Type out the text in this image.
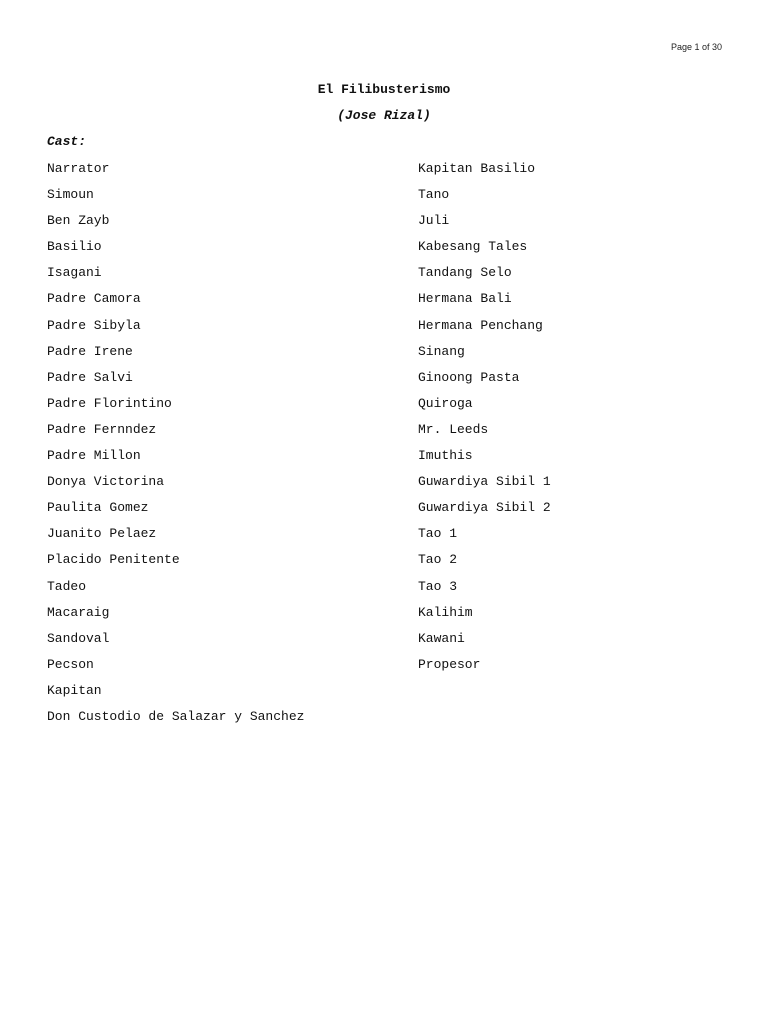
Page 1 of 30
El Filibusterismo
(Jose Rizal)
Cast:
Narrator
Simoun
Ben Zayb
Basilio
Isagani
Padre Camora
Padre Sibyla
Padre Irene
Padre Salvi
Padre Florintino
Padre Fernndez
Padre Millon
Donya Victorina
Paulita Gomez
Juanito Pelaez
Placido Penitente
Tadeo
Macaraig
Sandoval
Pecson
Kapitan
Don Custodio de Salazar y Sanchez
Kapitan Basilio
Tano
Juli
Kabesang Tales
Tandang Selo
Hermana Bali
Hermana Penchang
Sinang
Ginoong Pasta
Quiroga
Mr. Leeds
Imuthis
Guwardiya Sibil 1
Guwardiya Sibil 2
Tao 1
Tao 2
Tao 3
Kalihim
Kawani
Propesor
